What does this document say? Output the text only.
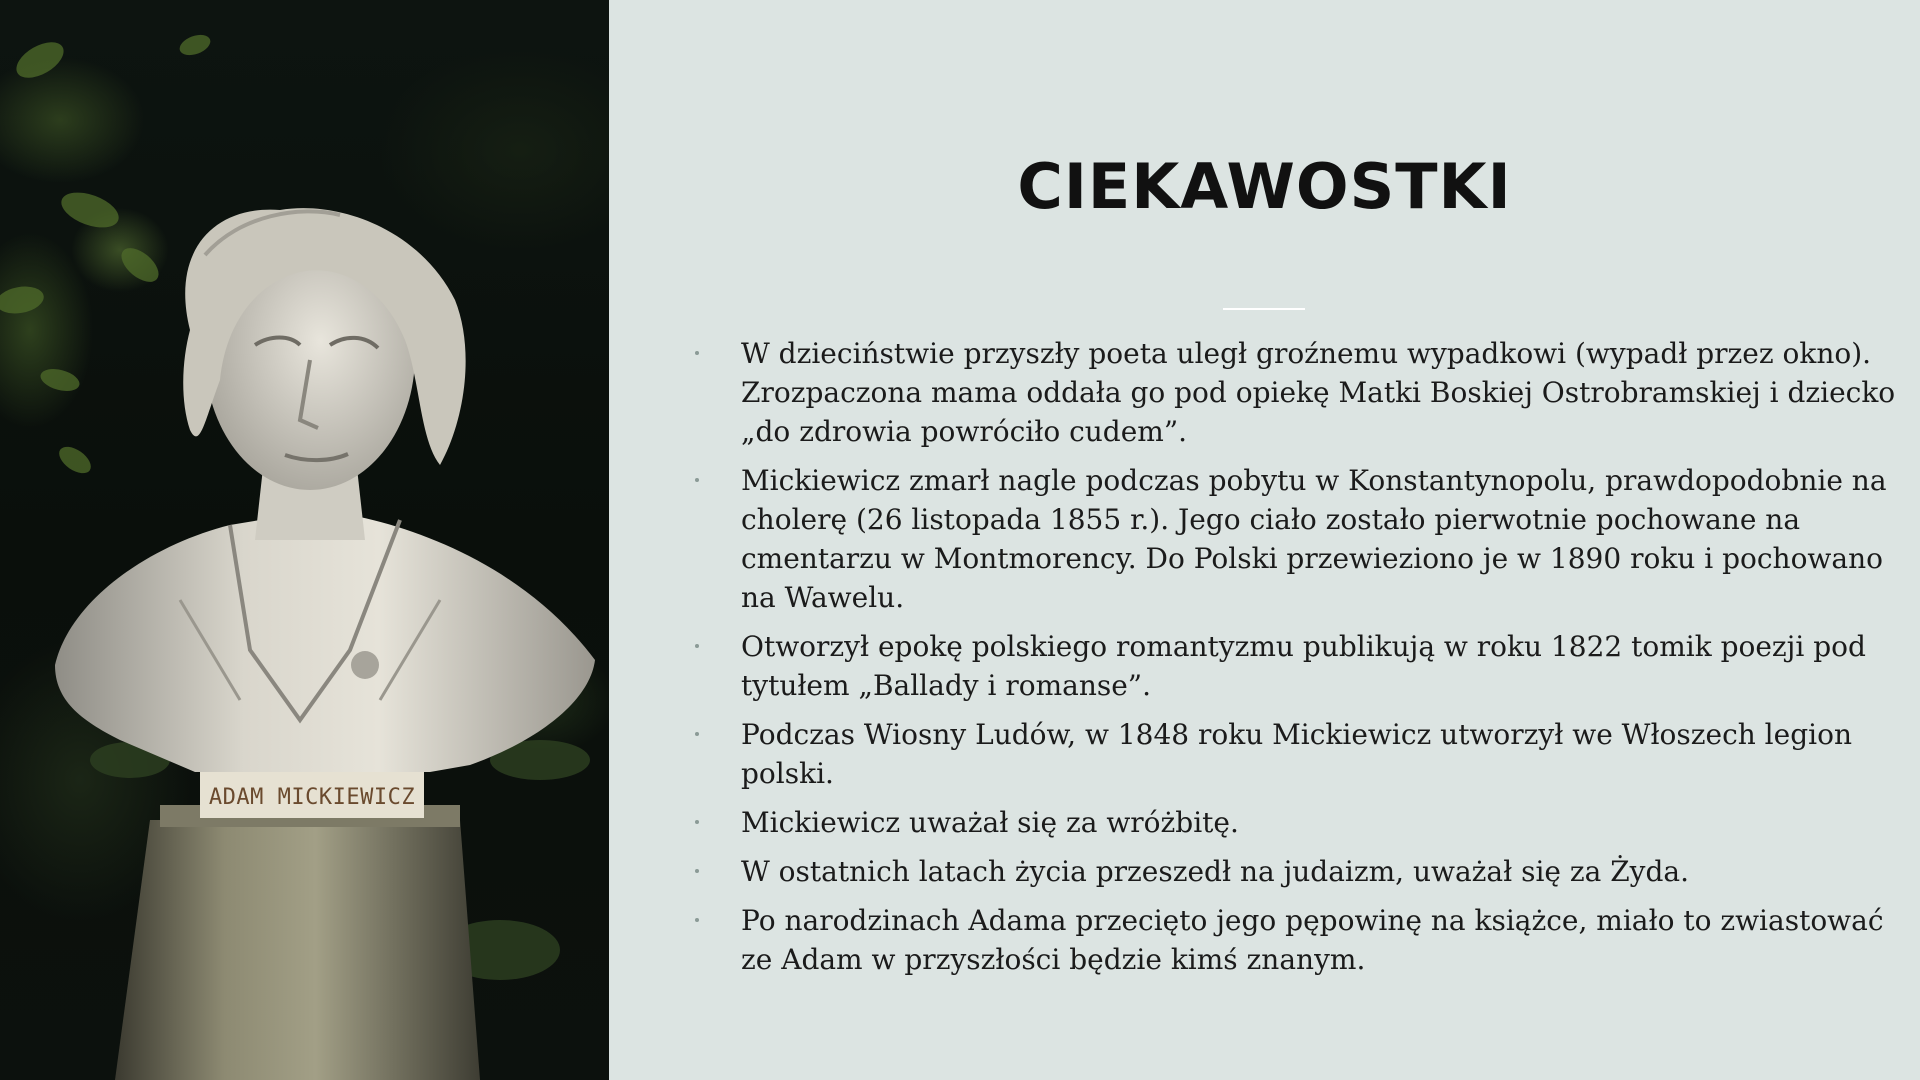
ADAM MICKIEWICZ
CIEKAWOSTKI
W dzieciństwie przyszły poeta uległ groźnemu wypadkowi (wypadł przez okno). Zrozpaczona mama oddała go pod opiekę Matki Boskiej Ostrobramskiej i dziecko „do zdrowia powróciło cudem”.
Mickiewicz zmarł nagle podczas pobytu w Konstantynopolu, prawdopodobnie na cholerę (26 listopada 1855 r.). Jego ciało zostało pierwotnie pochowane na cmentarzu w Montmorency. Do Polski przewieziono je w 1890 roku i pochowano na Wawelu.
Otworzył epokę polskiego romantyzmu publikują w roku 1822 tomik poezji pod tytułem „Ballady i romanse”.
Podczas Wiosny Ludów, w 1848 roku Mickiewicz utworzył we Włoszech legion polski.
Mickiewicz uważał się za wróżbitę.
W ostatnich latach życia przeszedł na judaizm, uważał się za Żyda.
Po narodzinach Adama przecięto jego pępowinę na książce, miało to zwiastować ze Adam w przyszłości będzie kimś znanym.
